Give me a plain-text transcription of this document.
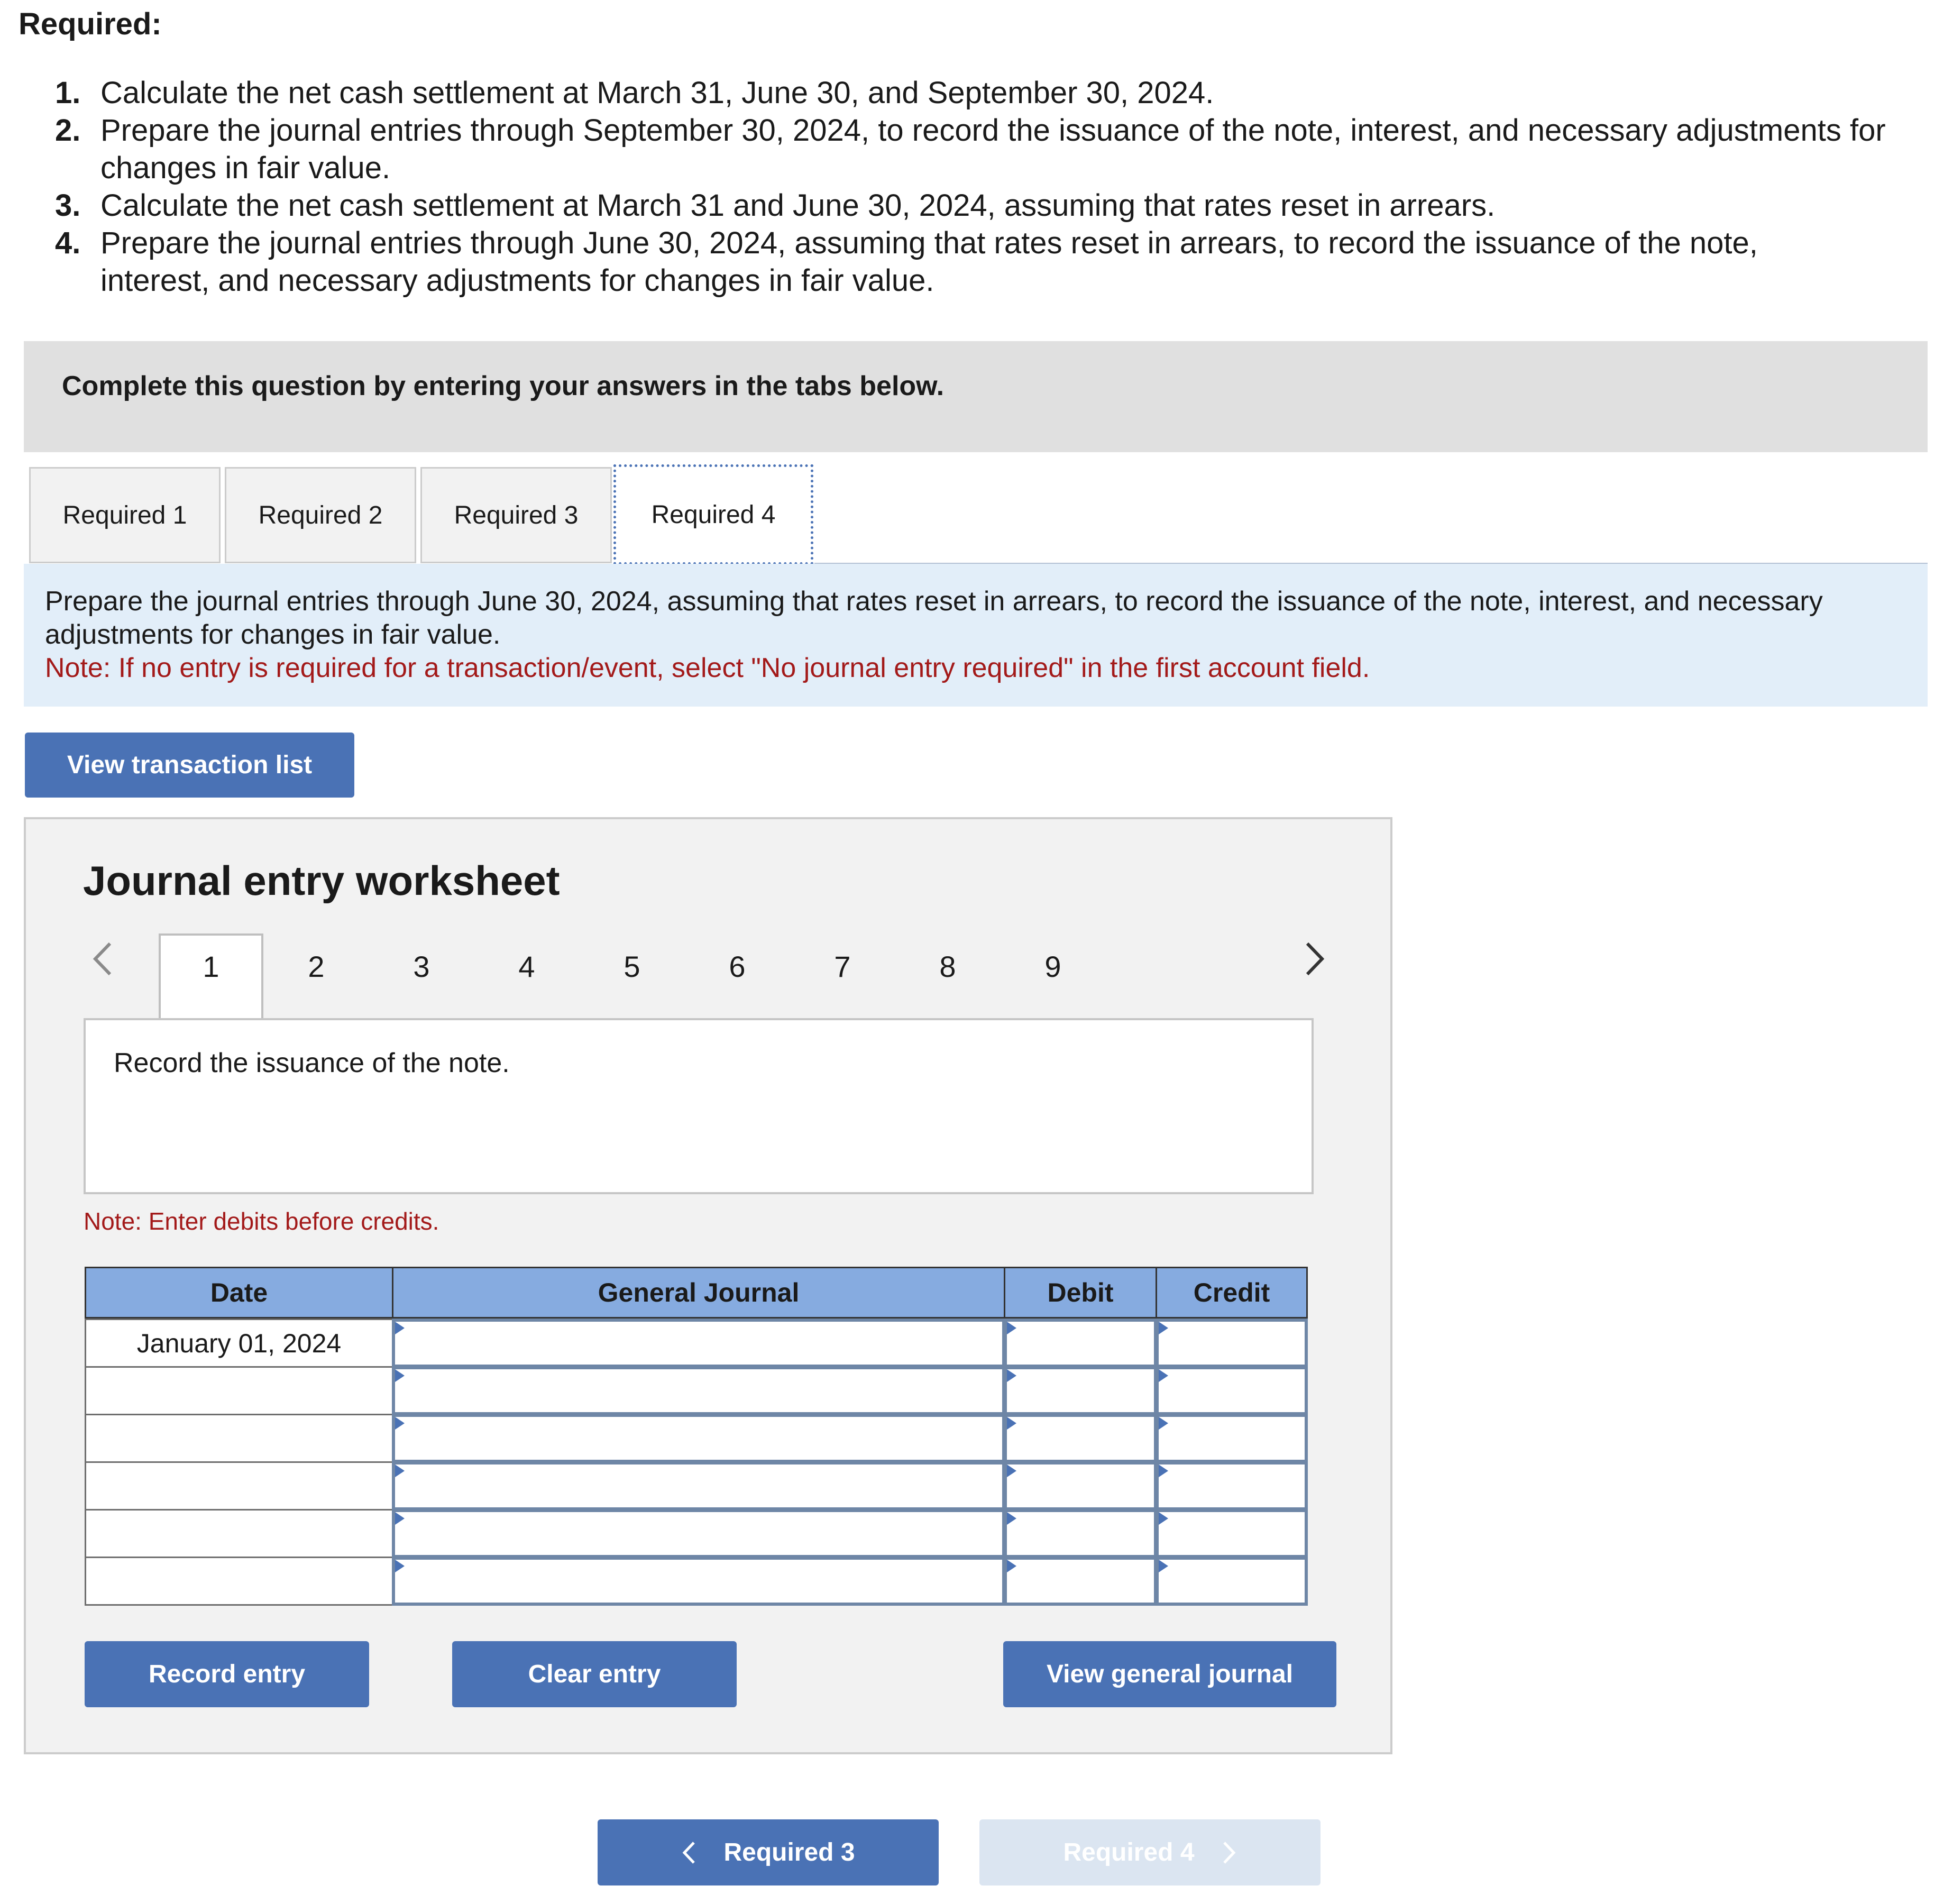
Required:

1. Calculate the net cash settlement at March 31, June 30, and September 30, 2024.

2. Prepare the journal entries through September 30, 2024, to record the issuance of the note, interest, and necessary adjustments for changes in fair value.

3. Calculate the net cash settlement at March 31 and June 30, 2024, assuming that rates reset in arrears.

4. Prepare the journal entries through June 30, 2024, assuming that rates reset in arrears, to record the issuance of the note, interest, and necessary adjustments for changes in fair value.

Complete this question by entering your answers in the tabs below.
Required 1	Required 2	Required 3	Required 4
Prepare the journal entries through June 30, 2024, assuming that rates reset in arrears, to record the issuance of the note, interest, and necessary adjustments for changes in fair value.
Note: If no entry is required for a transaction/event, select "No journal entry required" in the first account field.
View transaction list
Journal entry worksheet
1	2	3	4	5	6	7	8	9
Record the issuance of the note.
Note: Enter debits before credits.
Date	General Journal	Debit	Credit
January 01, 2024
Record entry	Clear entry	View general journal
Required 3	Required 4
